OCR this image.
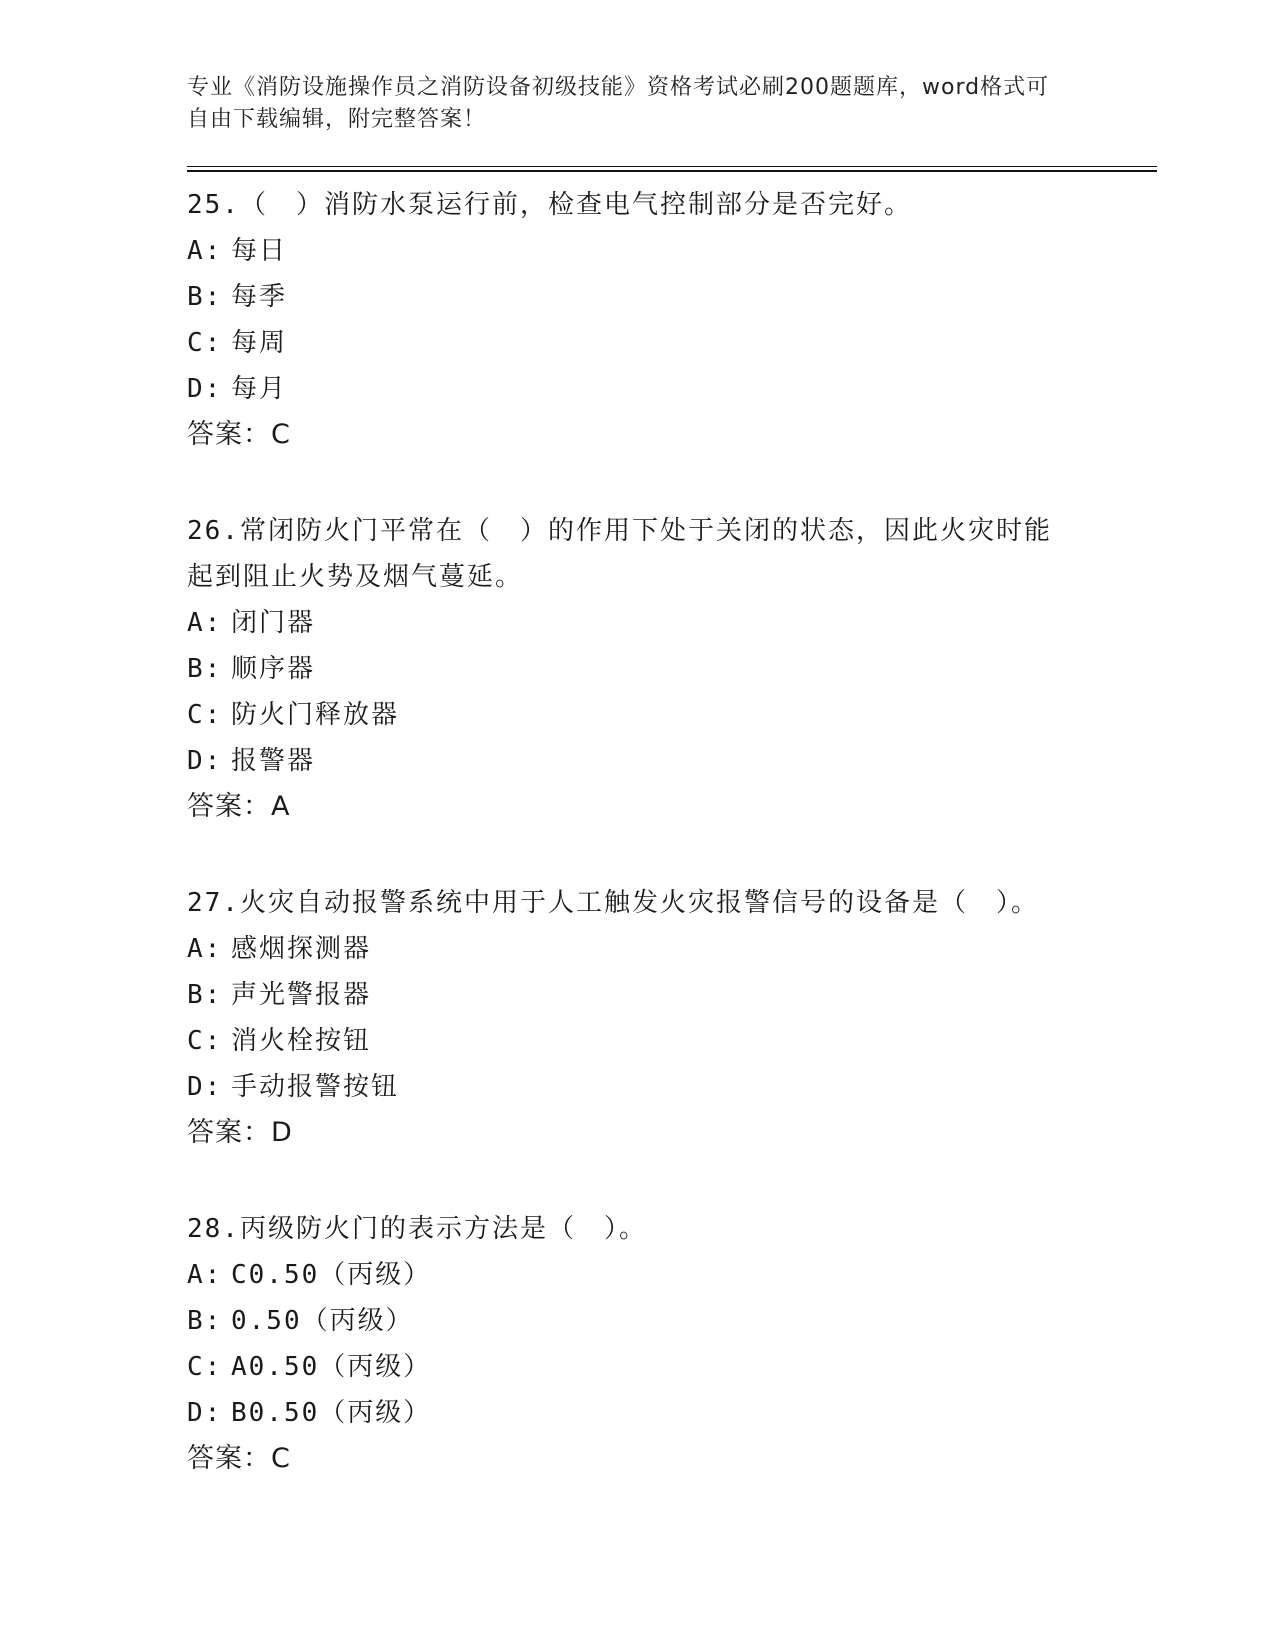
专业《消防设施操作员之消防设备初级技能》资格考试必刷200题题库，word格式可自由下载编辑，附完整答案！
25.（　）消防水泵运行前，检查电气控制部分是否完好。
A: 每日
B: 每季
C: 每周
D: 每月
答案：C
26.常闭防火门平常在（　）的作用下处于关闭的状态，因此火灾时能起到阻止火势及烟气蔓延。
A: 闭门器
B: 顺序器
C: 防火门释放器
D: 报警器
答案：A
27.火灾自动报警系统中用于人工触发火灾报警信号的设备是（　）。
A: 感烟探测器
B: 声光警报器
C: 消火栓按钮
D: 手动报警按钮
答案：D
28.丙级防火门的表示方法是（　）。
A: C0.50（丙级）
B: 0.50（丙级）
C: A0.50（丙级）
D: B0.50（丙级）
答案：C
